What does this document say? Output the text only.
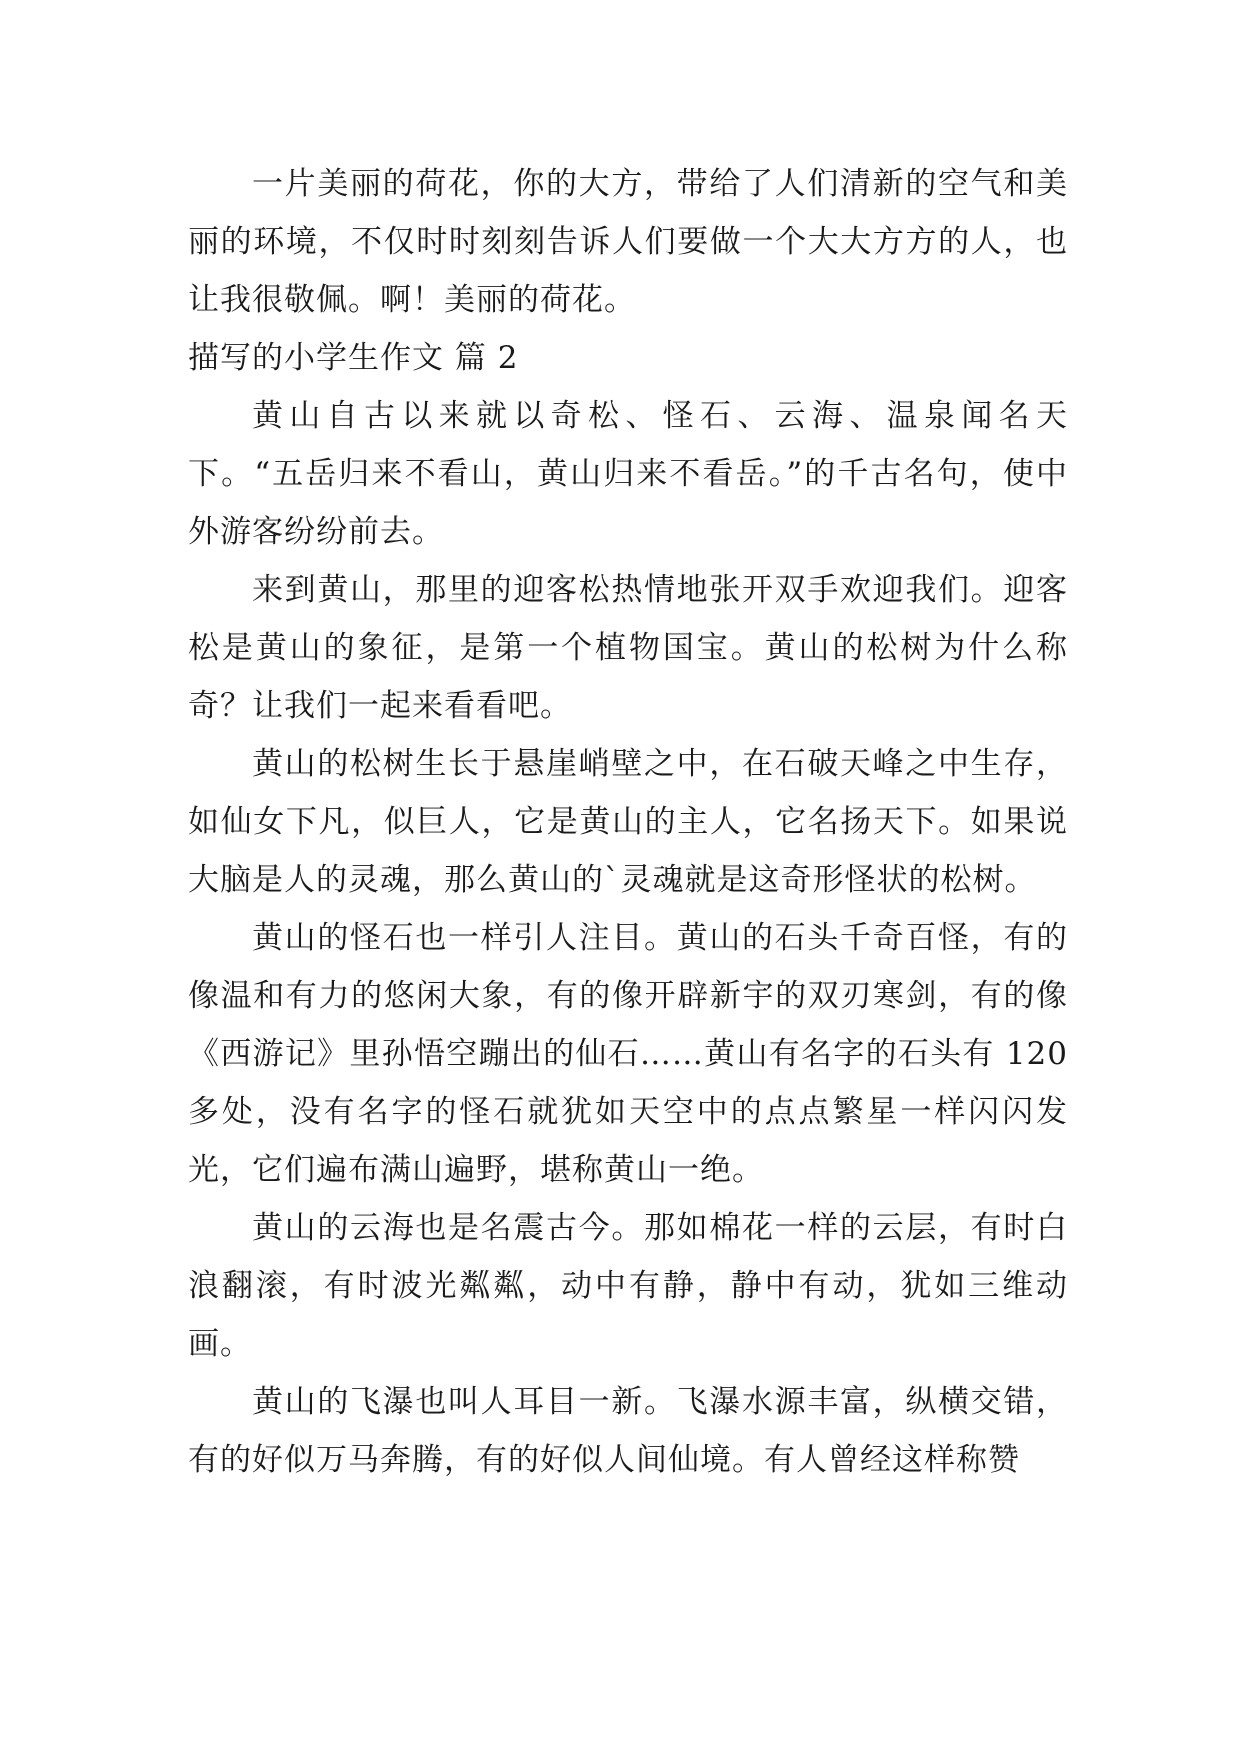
一片美丽的荷花，你的大方，带给了人们清新的空气和美丽的环境，不仅时时刻刻告诉人们要做一个大大方方的人，也让我很敬佩。啊！美丽的荷花。

描写的小学生作文 篇 2

黄山自古以来就以奇松、怪石、云海、温泉闻名天下。“五岳归来不看山，黄山归来不看岳。”的千古名句，使中外游客纷纷前去。

来到黄山，那里的迎客松热情地张开双手欢迎我们。迎客松是黄山的象征，是第一个植物国宝。黄山的松树为什么称奇？让我们一起来看看吧。

黄山的松树生长于悬崖峭壁之中，在石破天峰之中生存，如仙女下凡，似巨人，它是黄山的主人，它名扬天下。如果说大脑是人的灵魂，那么黄山的`灵魂就是这奇形怪状的松树。

黄山的怪石也一样引人注目。黄山的石头千奇百怪，有的像温和有力的悠闲大象，有的像开辟新宇的双刃寒剑，有的像《西游记》里孙悟空蹦出的仙石……黄山有名字的石头有 120 多处，没有名字的怪石就犹如天空中的点点繁星一样闪闪发光，它们遍布满山遍野，堪称黄山一绝。

黄山的云海也是名震古今。那如棉花一样的云层，有时白浪翻滚，有时波光粼粼，动中有静，静中有动，犹如三维动画。

黄山的飞瀑也叫人耳目一新。飞瀑水源丰富，纵横交错，有的好似万马奔腾，有的好似人间仙境。有人曾经这样称赞
